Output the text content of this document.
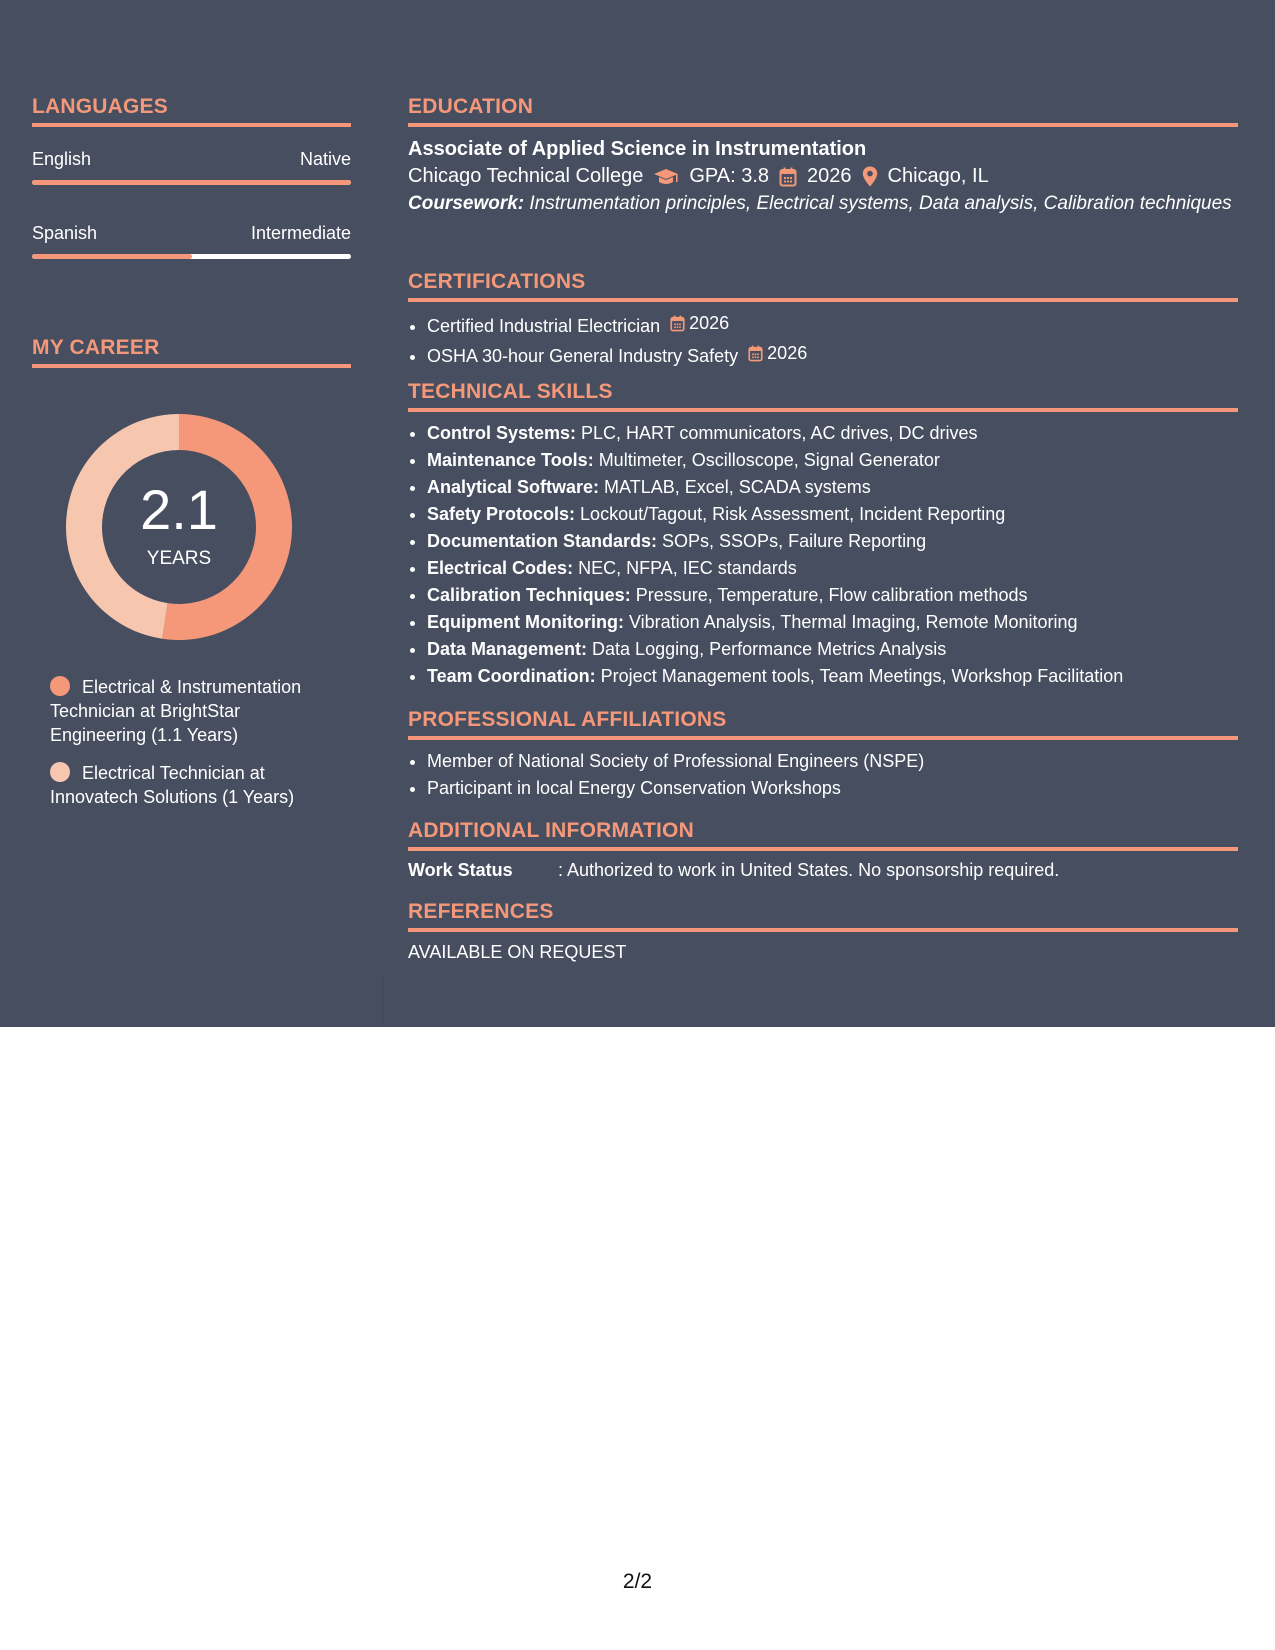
LANGUAGES
English	Native
Spanish	Intermediate
MY CAREER
2.1
YEARS
Electrical & Instrumentation Technician at BrightStar Engineering (1.1 Years)
Electrical Technician at Innovatech Solutions (1 Years)
EDUCATION
Associate of Applied Science in Instrumentation
Chicago Technical College GPA: 3.8 2026 Chicago, IL
Coursework: Instrumentation principles, Electrical systems, Data analysis, Calibration techniques
CERTIFICATIONS
• Certified Industrial Electrician 2026
• OSHA 30-hour General Industry Safety 2026
TECHNICAL SKILLS
• Control Systems: PLC, HART communicators, AC drives, DC drives
• Maintenance Tools: Multimeter, Oscilloscope, Signal Generator
• Analytical Software: MATLAB, Excel, SCADA systems
• Safety Protocols: Lockout/Tagout, Risk Assessment, Incident Reporting
• Documentation Standards: SOPs, SSOPs, Failure Reporting
• Electrical Codes: NEC, NFPA, IEC standards
• Calibration Techniques: Pressure, Temperature, Flow calibration methods
• Equipment Monitoring: Vibration Analysis, Thermal Imaging, Remote Monitoring
• Data Management: Data Logging, Performance Metrics Analysis
• Team Coordination: Project Management tools, Team Meetings, Workshop Facilitation
PROFESSIONAL AFFILIATIONS
• Member of National Society of Professional Engineers (NSPE)
• Participant in local Energy Conservation Workshops
ADDITIONAL INFORMATION
Work Status	: Authorized to work in United States. No sponsorship required.
REFERENCES
AVAILABLE ON REQUEST
2/2
